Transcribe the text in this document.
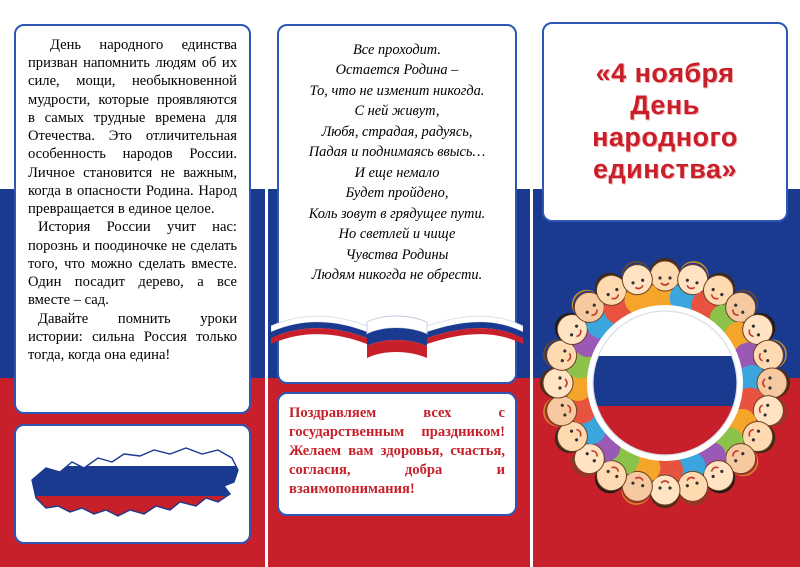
День народного единства призван напомнить людям об их силе, мощи, необыкновенной мудрости, которые проявляются в самых трудные времена для Отечества. Это отличительная особенность народов России. Личное становится не важным, когда в опасности Родина. Народ превращается в единое целое.

История России учит нас: порознь и поодиночке не сделать того, что можно сделать вместе. Один посадит дерево, а все вместе – сад.

Давайте помнить уроки истории: сильна Россия только тогда, когда она едина!

Все проходит.
Остается Родина –
То, что не изменит никогда.
С ней живут,
Любя, страдая, радуясь,
Падая и поднимаясь ввысь…
И еще немало
Будет пройдено,
Коль зовут в грядущее пути.
Но светлей и чище
Чувства Родины
Людям никогда не обрести.

Поздравляем всех с государственным праздником! Желаем вам здоровья, счастья, согласия, добра и взаимопонимания!

«4 ноября
День
народного
единства»
